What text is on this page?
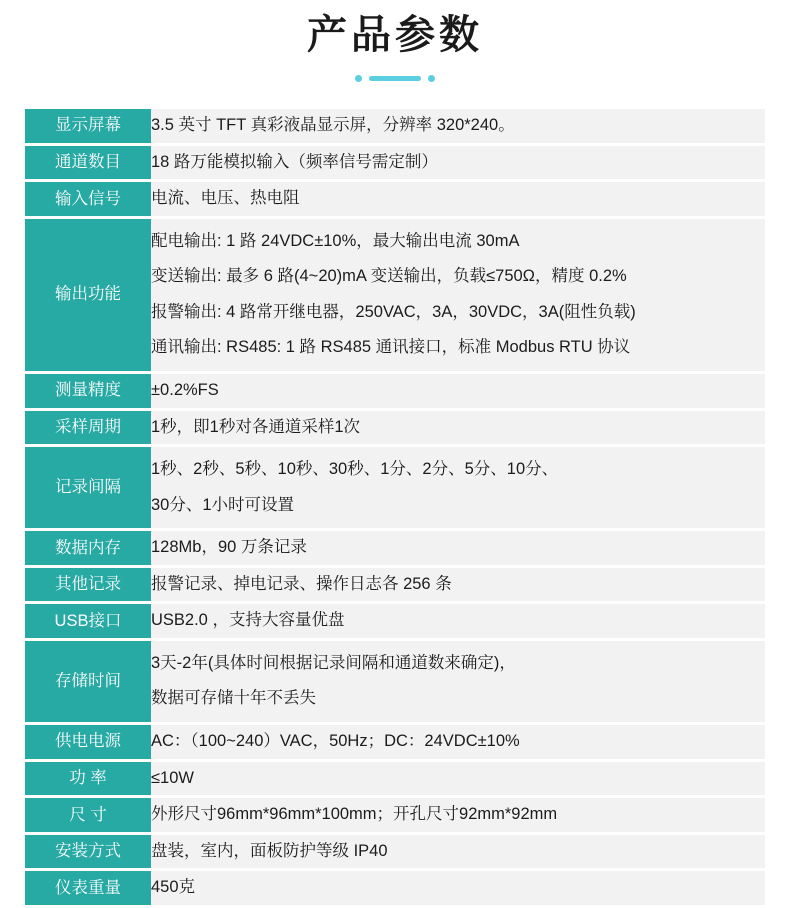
产品参数
显示屏幕	3.5 英寸 TFT 真彩液晶显示屏，分辨率 320*240。

通道数目	18 路万能模拟输入（频率信号需定制）

输入信号	电流、电压、热电阻

输出功能	配电输出: 1 路 24VDC±10%，最大输出电流 30mA
变送输出: 最多 6 路(4~20)mA 变送输出，负载≤750Ω，精度 0.2%
报警输出: 4 路常开继电器，250VAC，3A，30VDC，3A(阻性负载)
通讯输出: RS485: 1 路 RS485 通讯接口，标准 Modbus RTU 协议

测量精度	±0.2%FS

采样周期	1秒，即1秒对各通道采样1次

记录间隔	1秒、2秒、5秒、10秒、30秒、1分、2分、5分、10分、
30分、1小时可设置

数据内存	128Mb，90 万条记录

其他记录	报警记录、掉电记录、操作日志各 256 条

USB接口	USB2.0 ，支持大容量优盘

存储时间	3天-2年(具体时间根据记录间隔和通道数来确定)，
数据可存储十年不丢失

供电电源	AC：（100~240）VAC，50Hz；DC：24VDC±10%

功 率	≤10W

尺 寸	外形尺寸96mm*96mm*100mm；开孔尺寸92mm*92mm

安装方式	盘装，室内，面板防护等级 IP40

仪表重量	450克
